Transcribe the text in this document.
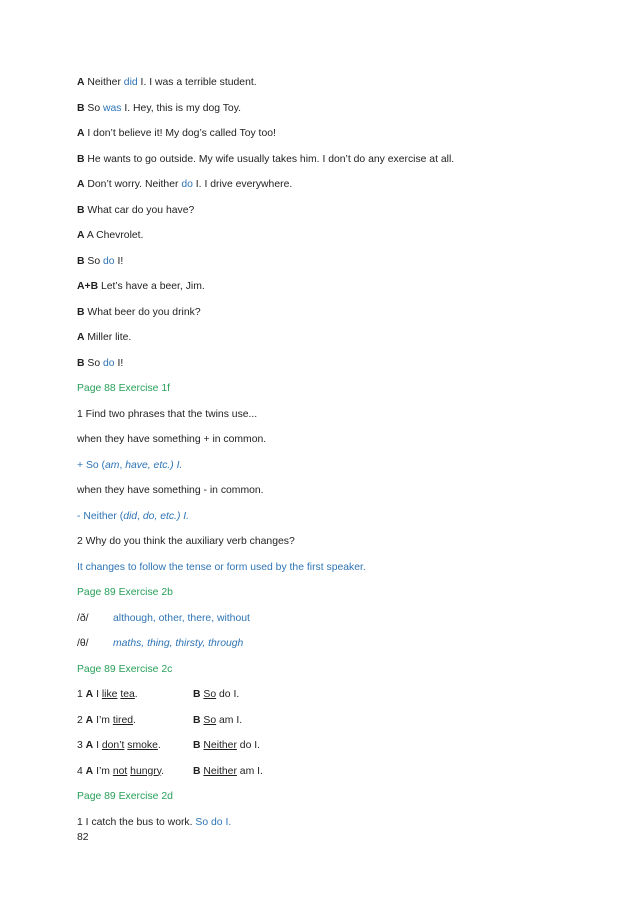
A Neither did I. I was a terrible student.
B So was I. Hey, this is my dog Toy.
A I don’t believe it! My dog’s called Toy too!
B He wants to go outside. My wife usually takes him. I don’t do any exercise at all.
A Don’t worry. Neither do I. I drive everywhere.
B What car do you have?
A A Chevrolet.
B So do I!
A+B Let’s have a beer, Jim.
B What beer do you drink?
A Miller lite.
B So do I!
Page 88 Exercise 1f
1 Find two phrases that the twins use...
when they have something + in common.
+ So (am, have, etc.) I.
when they have something - in common.
- Neither (did, do, etc.) I.
2 Why do you think the auxiliary verb changes?
It changes to follow the tense or form used by the first speaker.
Page 89 Exercise 2b
/ð/ although, other, there, without
/θ/ maths, thing, thirsty, through
Page 89 Exercise 2c
1 A I like tea.	B So do I.
2 A I’m tired.	B So am I.
3 A I don’t smoke.	B Neither do I.
4 A I’m not hungry.	B Neither am I.
Page 89 Exercise 2d
1 I catch the bus to work. So do I.
82
